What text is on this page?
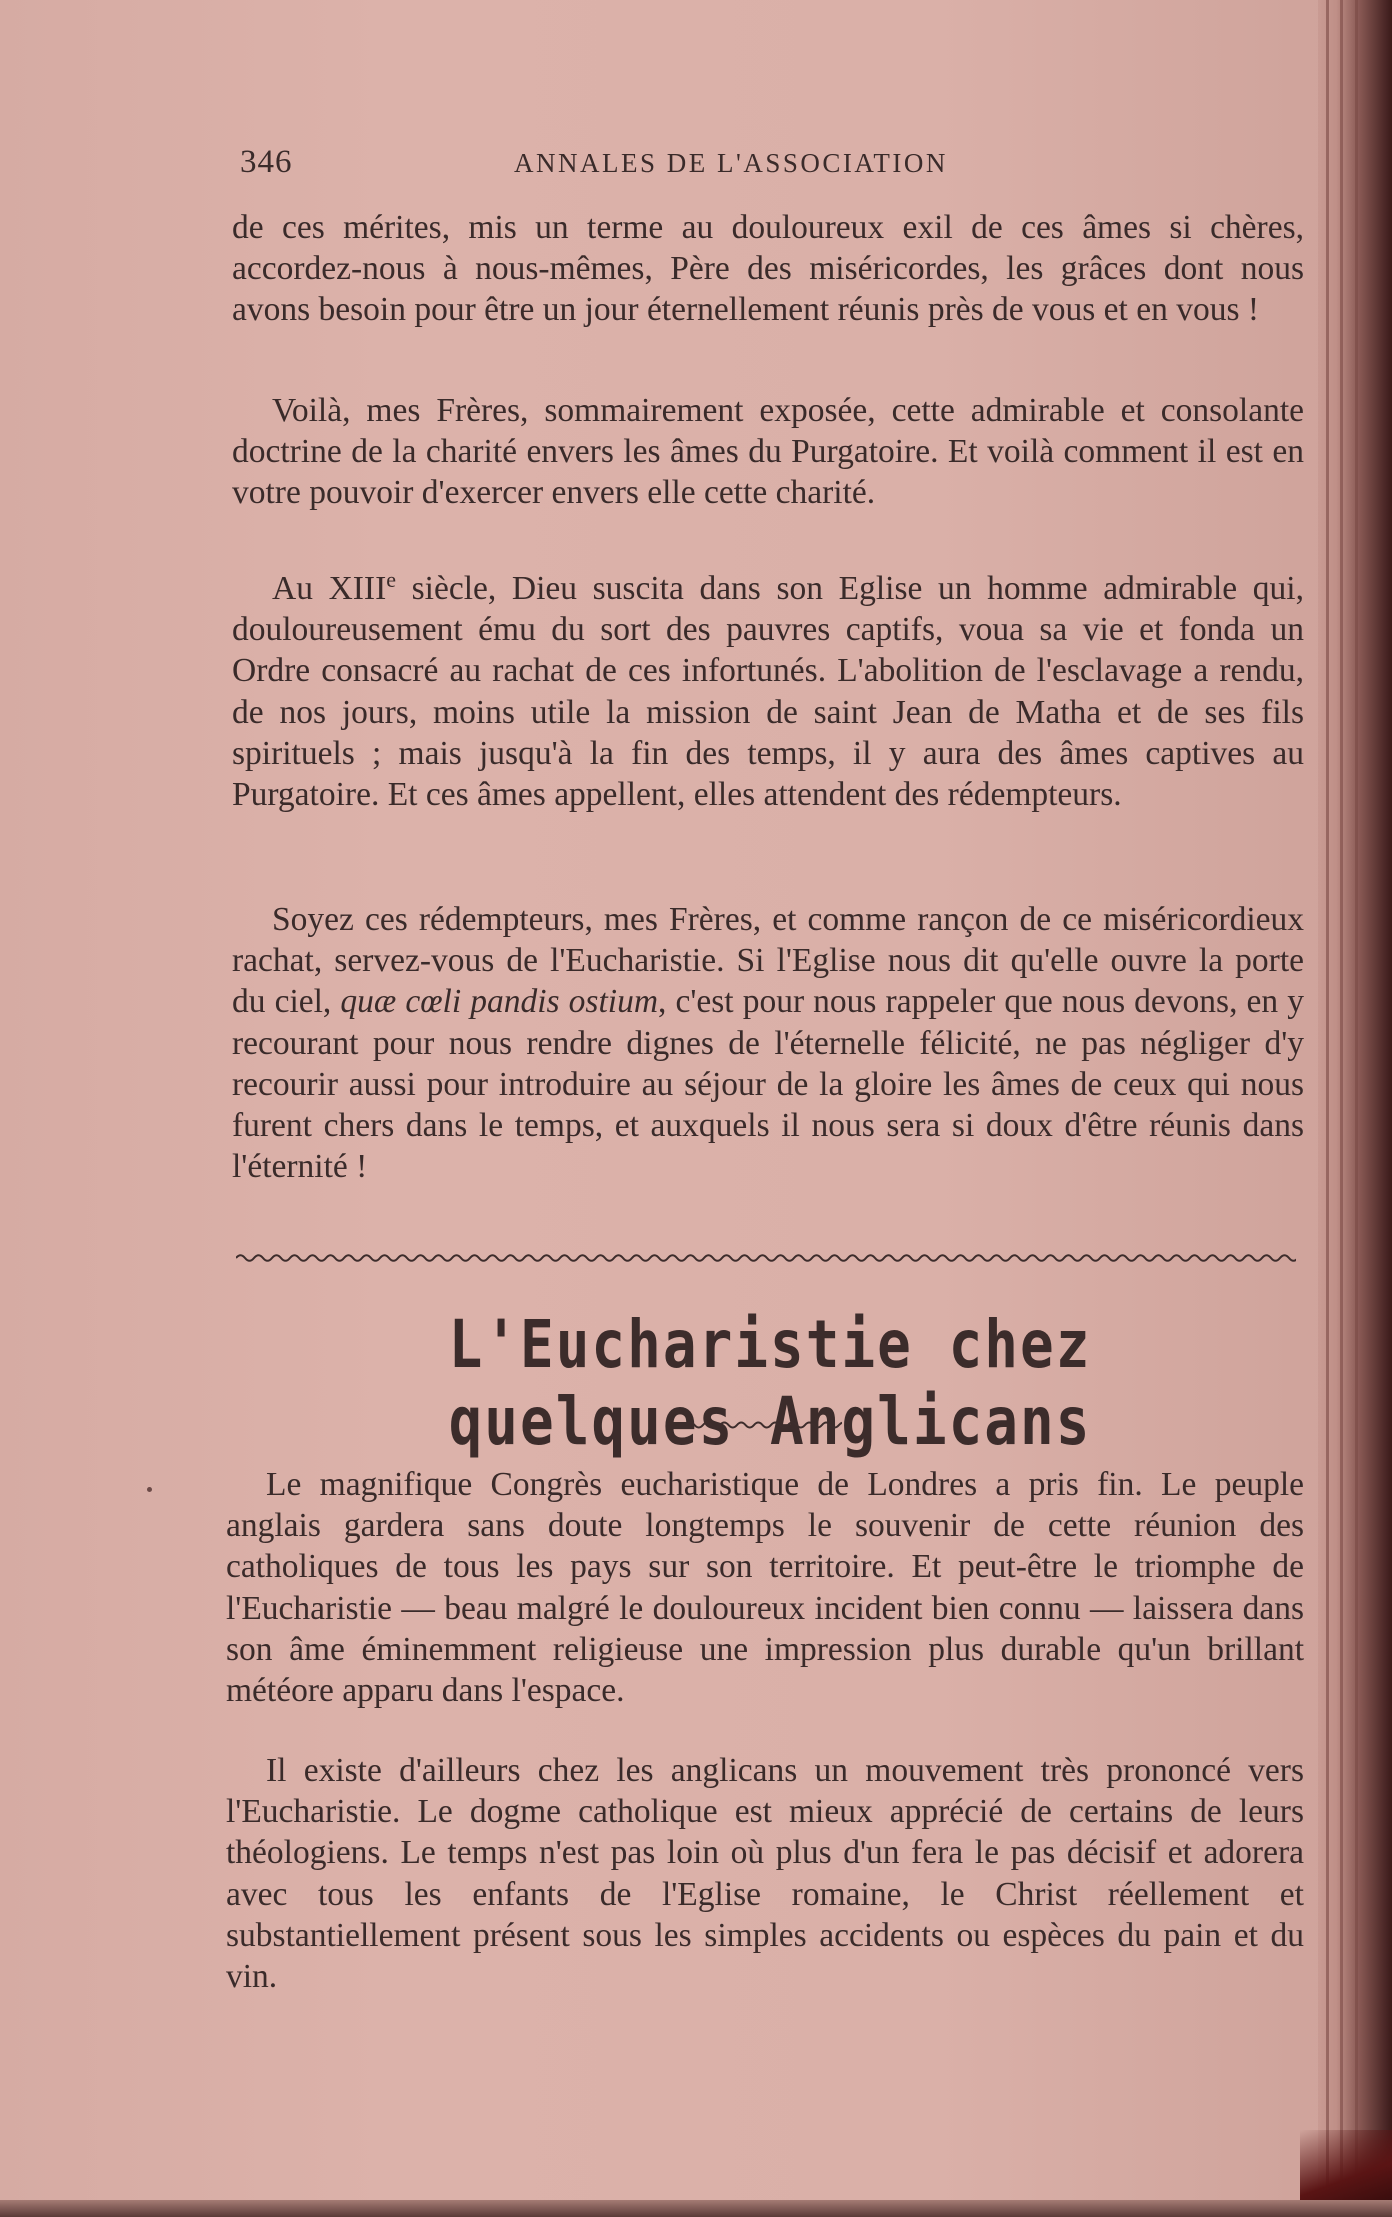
346	ANNALES DE L'ASSOCIATION

de ces mérites, mis un terme au douloureux exil de ces âmes si chères, accordez-nous à nous-mêmes, Père des miséricordes, les grâces dont nous avons besoin pour être un jour éternellement réunis près de vous et en vous !

Voilà, mes Frères, sommairement exposée, cette admirable et consolante doctrine de la charité envers les âmes du Purgatoire. Et voilà comment il est en votre pouvoir d'exercer envers elle cette charité.

Au XIIIe siècle, Dieu suscita dans son Eglise un homme admirable qui, douloureusement ému du sort des pauvres captifs, voua sa vie et fonda un Ordre consacré au rachat de ces infortunés. L'abolition de l'esclavage a rendu, de nos jours, moins utile la mission de saint Jean de Matha et de ses fils spirituels ; mais jusqu'à la fin des temps, il y aura des âmes captives au Purgatoire. Et ces âmes appellent, elles attendent des rédempteurs.

Soyez ces rédempteurs, mes Frères, et comme rançon de ce miséricordieux rachat, servez-vous de l'Eucharistie. Si l'Eglise nous dit qu'elle ouvre la porte du ciel, quæ cœli pandis ostium, c'est pour nous rappeler que nous devons, en y recourant pour nous rendre dignes de l'éternelle félicité, ne pas négliger d'y recourir aussi pour introduire au séjour de la gloire les âmes de ceux qui nous furent chers dans le temps, et auxquels il nous sera si doux d'être réunis dans l'éternité !

L'Eucharistie chez quelques Anglicans

Le magnifique Congrès eucharistique de Londres a pris fin. Le peuple anglais gardera sans doute longtemps le souvenir de cette réunion des catholiques de tous les pays sur son territoire. Et peut-être le triomphe de l'Eucharistie — beau malgré le douloureux incident bien connu — laissera dans son âme éminemment religieuse une impression plus durable qu'un brillant météore apparu dans l'espace.

Il existe d'ailleurs chez les anglicans un mouvement très prononcé vers l'Eucharistie. Le dogme catholique est mieux apprécié de certains de leurs théologiens. Le temps n'est pas loin où plus d'un fera le pas décisif et adorera avec tous les enfants de l'Eglise romaine, le Christ réellement et substantiellement présent sous les simples accidents ou espèces du pain et du vin.
